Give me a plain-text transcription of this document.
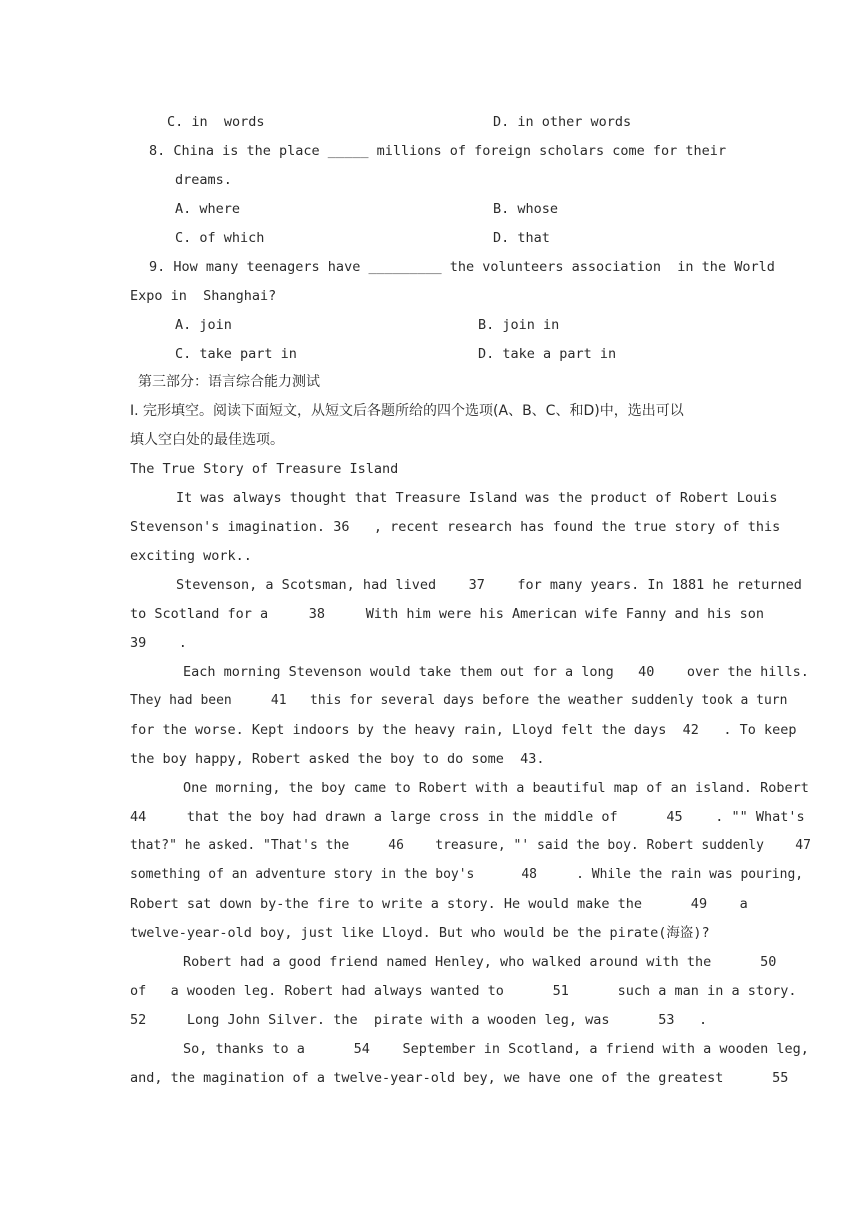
C. in  words	D. in other words
8. China is the place _____ millions of foreign scholars come for their
dreams.
A. where	B. whose
C. of which	D. that
9. How many teenagers have _________ the volunteers association  in the World
Expo in  Shanghai?
A. join	B. join in
C. take part in	D. take a part in
第三部分：语言综合能力测试
I. 完形填空。阅读下面短文，从短文后各题所给的四个选项(A、B、C、和D)中，选出可以
填人空白处的最佳选项。
The True Story of Treasure Island
It was always thought that Treasure Island was the product of Robert Louis
Stevenson's imagination. 36   , recent research has found the true story of this
exciting work..
Stevenson, a Scotsman, had lived    37    for many years. In 1881 he returned
to Scotland for a     38     With him were his American wife Fanny and his son
39    .
Each morning Stevenson would take them out for a long   40    over the hills.
They had been     41   this for several days before the weather suddenly took a turn
for the worse. Kept indoors by the heavy rain, Lloyd felt the days  42   . To keep
the boy happy, Robert asked the boy to do some  43.
One morning, the boy came to Robert with a beautiful map of an island. Robert
44     that the boy had drawn a large cross in the middle of      45    . "" What's
that?" he asked. "That's the     46    treasure, "' said the boy. Robert suddenly    47
something of an adventure story in the boy's      48     . While the rain was pouring,
Robert sat down by-the fire to write a story. He would make the      49    a
twelve-year-old boy, just like Lloyd. But who would be the pirate(海盗)?
Robert had a good friend named Henley, who walked around with the      50
of   a wooden leg. Robert had always wanted to      51      such a man in a story.
52     Long John Silver. the  pirate with a wooden leg, was      53   .
So, thanks to a      54    September in Scotland, a friend with a wooden leg,
and, the magination of a twelve-year-old bey, we have one of the greatest      55
